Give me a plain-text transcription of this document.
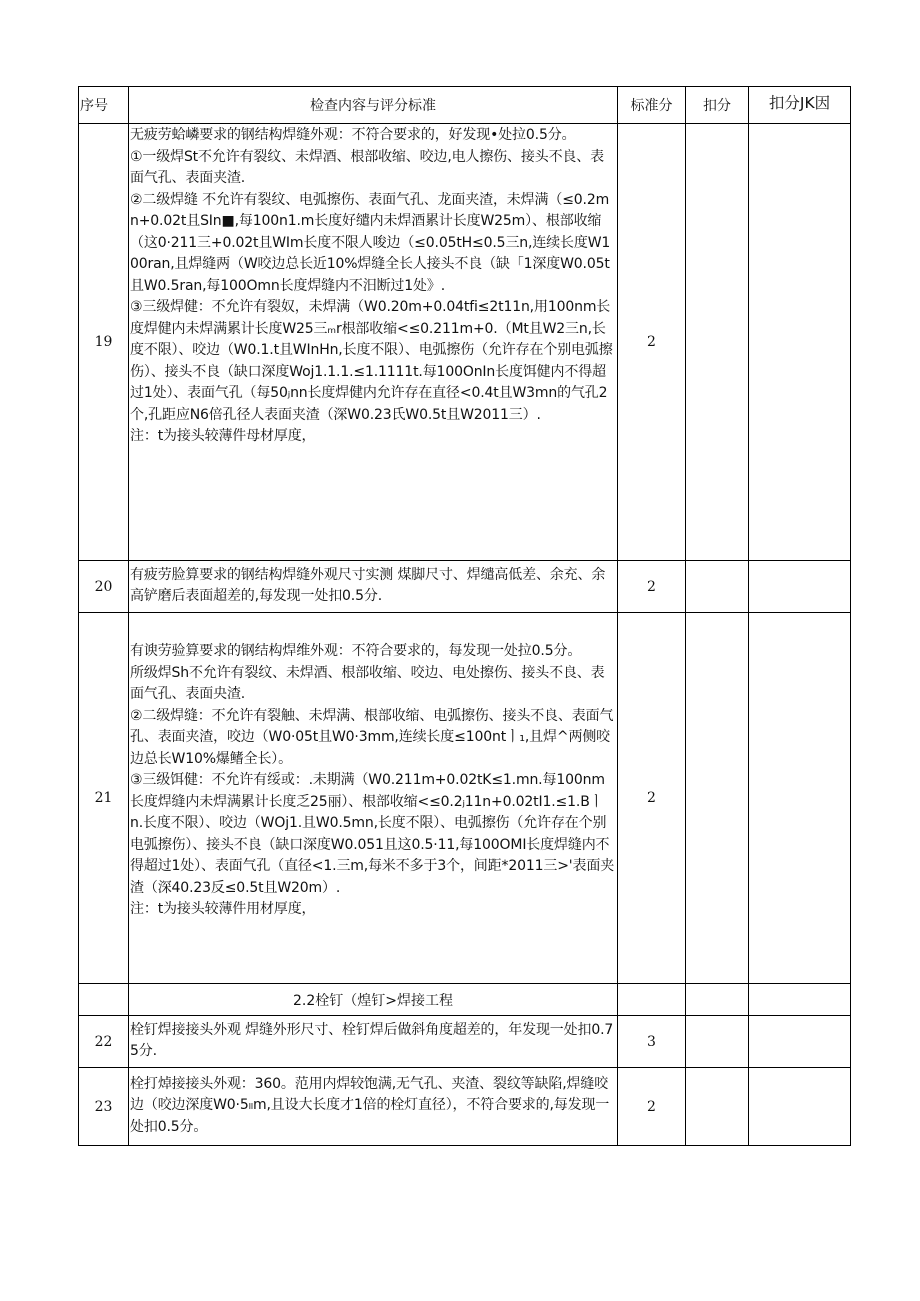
序号	检查内容与评分标准	标准分	扣分	扣分JK因
19	无疲劳蛤嶙要求的钢结构焊缝外观：不符合要求的，好发现•处拉0.5分。

①一级焊St不允许有裂纹、未焊酒、根部收缩、咬边,电人擦伤、接头不良、表面气孔、表面夹渣.

②二级焊缝 不允许有裂纹、电弧擦伤、表面气孔、龙面夹渣，未焊满（≤0.2mn+0.02t且SIn■,每100n1.m长度好缱内未焊酒累计长度W25m）、根部收缩（这0·211三+0.02t且WIm长度不限人唆边（≤0.05tH≤0.5三n,连续长度W100ran,且焊缝两（W咬边总长近10%焊缝全长人接头不良（缺「1深度W0.05t且W0.5ran,每100Omn长度焊缝内不汨断过1处》.

③三级焊健：不允许有裂奴，未焊满（W0.20m+0.04tfi≤2t11n,用100nm长度焊健内未焊满累计长度W25三ₘr根部收缩<≤0.211m+0.（Mt且W2三n,长度不限）、咬边（W0.1.t且WInHn,长度不限）、电弧擦伤（允许存在个别电弧擦伤）、接头不良（缺口深度Woj1.1.1.≤1.1111t.每100OnIn长度饵健内不得超过1处）、表面气孔（每50ⱼnn长度焊健内允许存在直径<0.4t且W3mn的气孔2个,孔距应N6倍孔径人表面夹渣（深W0.23氏W0.5t且W2011三）.

注：t为接头较薄件母材厚度，	2		
20	有疲劳脸算要求的钢结构焊缝外观尺寸实测 煤脚尺寸、焊缱高低差、余充、余高铲磨后表面超差的,每发现一处扣0.5分.	2		
21	有谀劳验算要求的钢结构焊维外观：不符合要求的，每发现一处拉0.5分。

所级焊Sh不允许有裂纹、未焊酒、根部收缩、咬边、电处擦伤、接头不良、表面气孔、表面央渣.

②二级焊缝：不允许有裂触、未焊满、根部收缩、电弧擦伤、接头不良、表面气孔、表面夹渣，咬边（W0·05t且W0·3mm,连续长度≤100ntㅣ₁,且焊^两侧咬边总长W10%爆鳍全长）。

③三级饵健：不允许有绥或：.未期满（W0.211m+0.02tK≤1.mn.每100nm长度焊缝内未焊满累计长度乏25丽）、根部收缩<≤0.2ⱼ11n+0.02tI1.≤1.Bㅣn.长度不限）、咬边（WOj1.且W0.5mn,长度不限）、电弧擦伤（允许存在个别电弧擦伤）、接头不良（缺口深度W0.051且这0.5·11,每100OMI长度焊缝内不得超过1处）、表面气孔（直径<1.三m,每米不多于3个，间距*2011三>'表面夹渣（深40.23反≤0.5t且W20m）.

注：t为接头较薄件用材厚度，	2		
	2.2栓钉（煌钉>焊接工程			
22	栓钉焊接接头外观 焊缝外形尺寸、栓钉焊后做斜角度超差的，年发现一处扣0.75分.	3		
23	栓打焯接接头外观：360。范用内焊较饱满,无气孔、夹渣、裂纹等缺陷,焊缝咬边（咬边深度W0·5ₗₗm,且设大长度才1倍的栓灯直径），不符合要求的,每发现一处扣0.5分。	2		
